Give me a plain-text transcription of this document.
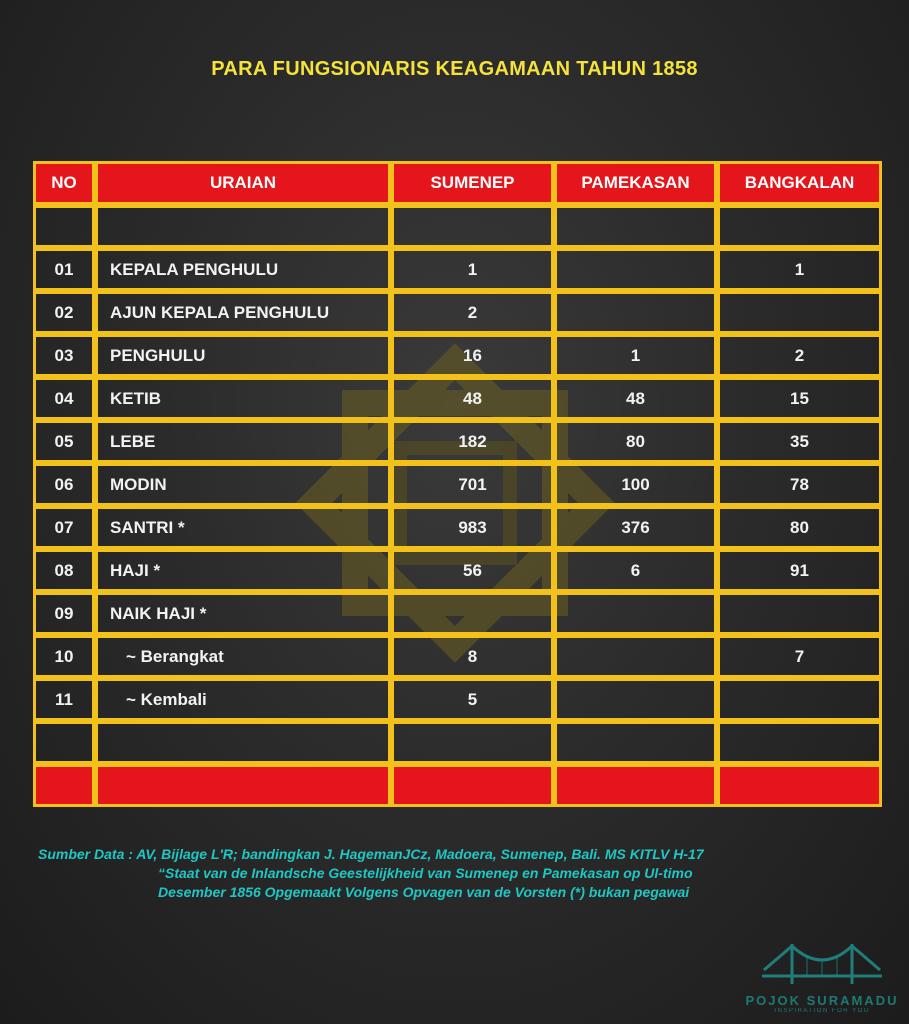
PARA FUNGSIONARIS KEAGAMAAN TAHUN 1858
NO	URAIAN	SUMENEP	PAMEKASAN	BANGKALAN

01	KEPALA PENGHULU	1		1
02	AJUN KEPALA PENGHULU	2		
03	PENGHULU	16	1	2
04	KETIB	48	48	15
05	LEBE	182	80	35
06	MODIN	701	100	78
07	SANTRI *	983	376	80
08	HAJI *	56	6	91
09	NAIK HAJI *			
10	~ Berangkat	8		7
11	~ Kembali	5		

Sumber Data : AV, Bijlage L'R; bandingkan J. HagemanJCz, Madoera, Sumenep, Bali. MS KITLV H-17

“Staat van de Inlandsche Geestelijkheid van Sumenep en Pamekasan op Ul-timo
Desember 1856 Opgemaakt Volgens Opvagen van de Vorsten (*) bukan pegawai
POJOK SURAMADU
INSPIRATION FOR YOU
